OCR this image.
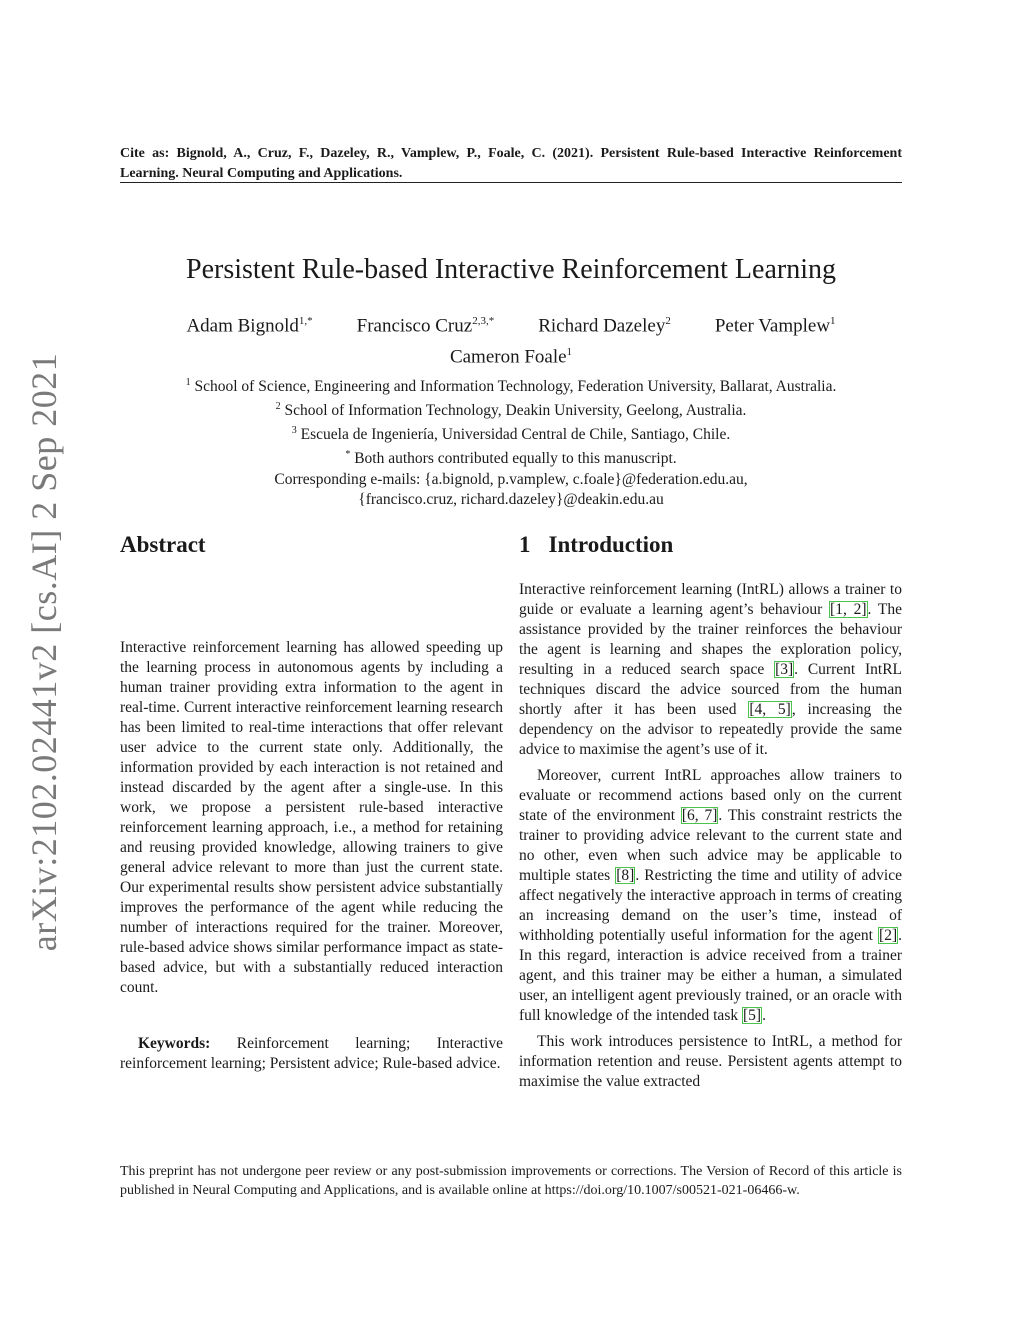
arXiv:2102.02441v2 [cs.AI] 2 Sep 2021
Cite as: Bignold, A., Cruz, F., Dazeley, R., Vamplew, P., Foale, C. (2021). Persistent Rule-based Interactive Reinforcement Learning. Neural Computing and Applications.
Persistent Rule-based Interactive Reinforcement Learning
Adam Bignold$^{1,*}$ Francisco Cruz$^{2,3,*}$ Richard Dazeley$^2$ Peter Vamplew$^1$
Cameron Foale$^1$
$^1$ School of Science, Engineering and Information Technology, Federation University, Ballarat, Australia.
$^2$ School of Information Technology, Deakin University, Geelong, Australia.
$^3$ Escuela de Ingeniería, Universidad Central de Chile, Santiago, Chile.
* Both authors contributed equally to this manuscript.
Corresponding e-mails: {a.bignold, p.vamplew, c.foale}@federation.edu.au,
{francisco.cruz, richard.dazeley}@deakin.edu.au
Abstract

Interactive reinforcement learning has allowed speeding up the learning process in autonomous agents by including a human trainer providing extra information to the agent in real-time. Current interactive reinforcement learning research has been limited to real-time interactions that offer relevant user advice to the current state only. Additionally, the information provided by each interaction is not retained and instead discarded by the agent after a single-use. In this work, we propose a persistent rule-based interactive reinforcement learning approach, i.e., a method for retaining and reusing provided knowledge, allowing trainers to give general advice relevant to more than just the current state. Our experimental results show persistent advice substantially improves the performance of the agent while reducing the number of interactions required for the trainer. Moreover, rule-based advice shows similar performance impact as state-based advice, but with a substantially reduced interaction count.

Keywords: Reinforcement learning; Interactive reinforcement learning; Persistent advice; Rule-based advice.

1 Introduction

Interactive reinforcement learning (IntRL) allows a trainer to guide or evaluate a learning agent’s behaviour [1, 2]. The assistance provided by the trainer reinforces the behaviour the agent is learning and shapes the exploration policy, resulting in a reduced search space [3]. Current IntRL techniques discard the advice sourced from the human shortly after it has been used [4, 5], increasing the dependency on the advisor to repeatedly provide the same advice to maximise the agent’s use of it.

Moreover, current IntRL approaches allow trainers to evaluate or recommend actions based only on the current state of the environment [6, 7]. This constraint restricts the trainer to providing advice relevant to the current state and no other, even when such advice may be applicable to multiple states [8]. Restricting the time and utility of advice affect negatively the interactive approach in terms of creating an increasing demand on the user’s time, instead of withholding potentially useful information for the agent [2]. In this regard, interaction is advice received from a trainer agent, and this trainer may be either a human, a simulated user, an intelligent agent previously trained, or an oracle with full knowledge of the intended task [5].

This work introduces persistence to IntRL, a method for information retention and reuse. Persistent agents attempt to maximise the value extracted

This preprint has not undergone peer review or any post-submission improvements or corrections. The Version of Record of this article is published in Neural Computing and Applications, and is available online at https://doi.org/10.1007/s00521-021-06466-w.
